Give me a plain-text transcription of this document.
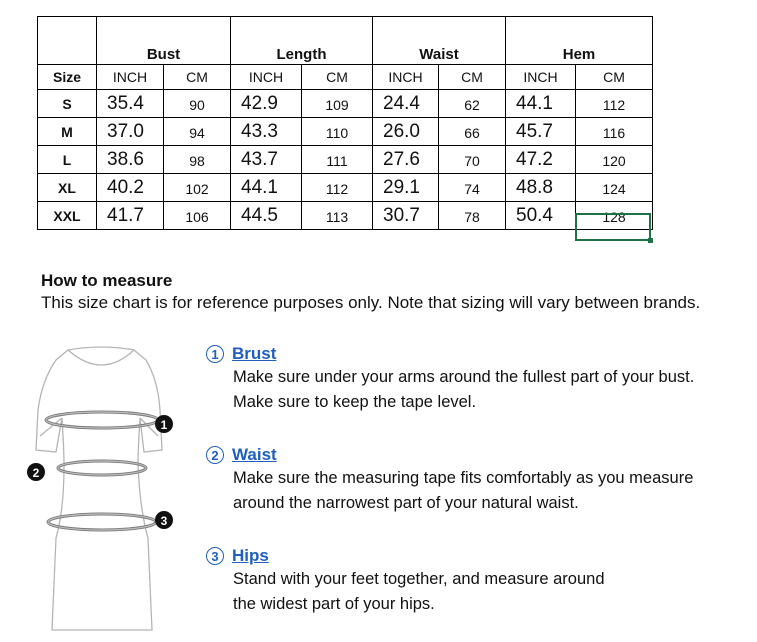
	Bust		Length		Waist		Hem	
Size	INCH	CM	INCH	CM	INCH	CM	INCH	CM
S	35.4	90	42.9	109	24.4	62	44.1	112
M	37.0	94	43.3	110	26.0	66	45.7	116
L	38.6	98	43.7	111	27.6	70	47.2	120
XL	40.2	102	44.1	112	29.1	74	48.8	124
XXL	41.7	106	44.5	113	30.7	78	50.4	128
How to measure
This size chart is for reference purposes only. Note that sizing will vary between brands.
1
2
3
1 Brust
Make sure under your arms around the fullest part of your bust.
Make sure to keep the tape level.
2 Waist
Make sure the measuring tape fits comfortably as you measure
around the narrowest part of your natural waist.
3 Hips
Stand with your feet together, and measure around
the widest part of your hips.
